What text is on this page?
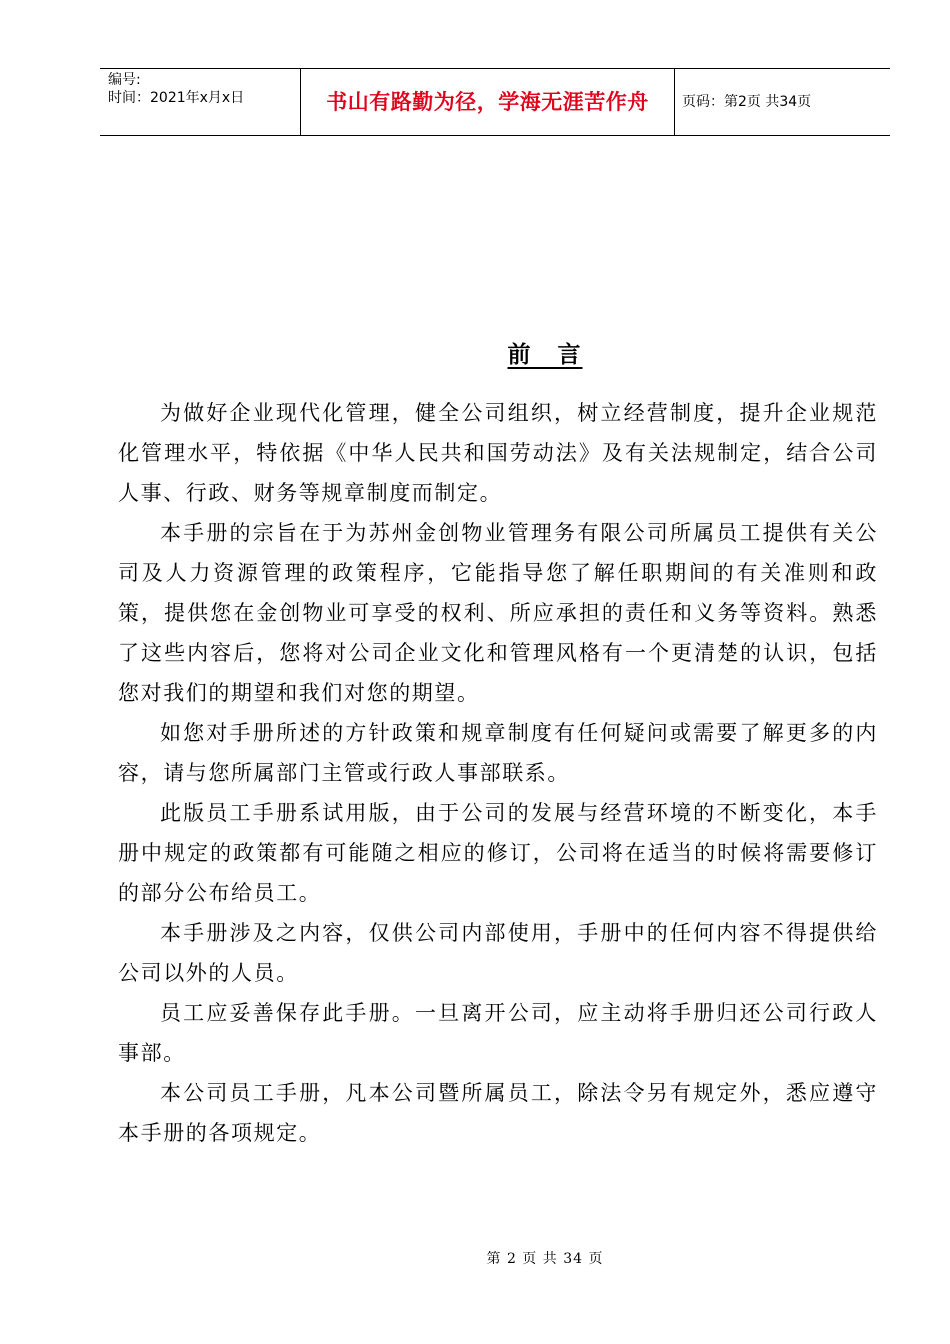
编号:
时间：2021年x月x日	书山有路勤为径，学海无涯苦作舟	页码：第2页 共34页
前　言

为做好企业现代化管理，健全公司组织，树立经营制度，提升企业规范化管理水平，特依据《中华人民共和国劳动法》及有关法规制定，结合公司人事、行政、财务等规章制度而制定。

本手册的宗旨在于为苏州金创物业管理务有限公司所属员工提供有关公司及人力资源管理的政策程序，它能指导您了解任职期间的有关准则和政策，提供您在金创物业可享受的权利、所应承担的责任和义务等资料。熟悉了这些内容后，您将对公司企业文化和管理风格有一个更清楚的认识，包括您对我们的期望和我们对您的期望。

如您对手册所述的方针政策和规章制度有任何疑问或需要了解更多的内容，请与您所属部门主管或行政人事部联系。

此版员工手册系试用版，由于公司的发展与经营环境的不断变化，本手册中规定的政策都有可能随之相应的修订，公司将在适当的时候将需要修订的部分公布给员工。

本手册涉及之内容，仅供公司内部使用，手册中的任何内容不得提供给公司以外的人员。

员工应妥善保存此手册。一旦离开公司，应主动将手册归还公司行政人事部。

本公司员工手册，凡本公司暨所属员工，除法令另有规定外，悉应遵守本手册的各项规定。

第 2 页 共 34 页
